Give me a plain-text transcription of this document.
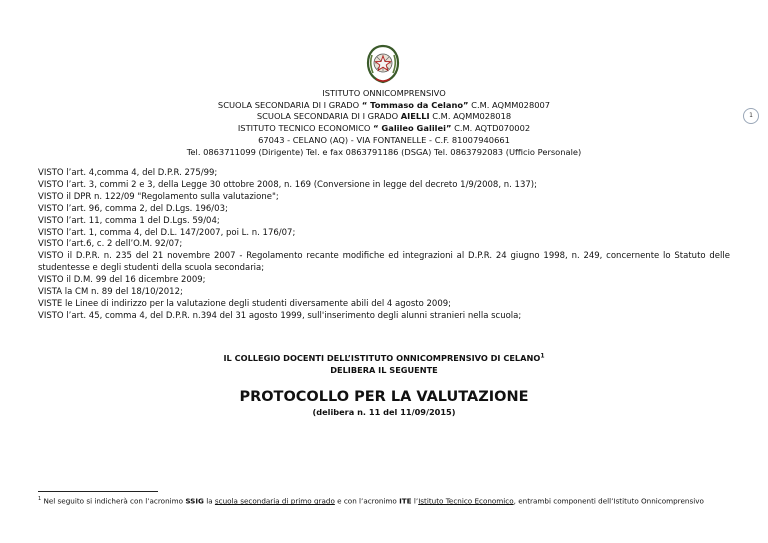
ISTITUTO ONNICOMPRENSIVO
SCUOLA SECONDARIA DI I GRADO “ Tommaso da Celano” C.M. AQMM028007
SCUOLA SECONDARIA DI I GRADO AIELLI C.M. AQMM028018
ISTITUTO TECNICO ECONOMICO “ Galileo Galilei” C.M. AQTD070002
67043 - CELANO (AQ) - VIA FONTANELLE - C.F. 81007940661
Tel. 0863711099 (Dirigente) Tel. e fax 0863791186 (DSGA) Tel. 0863792083 (Ufficio Personale)
1
VISTO l’art. 4,comma 4, del D.P.R. 275/99;
VISTO l’art. 3, commi 2 e 3, della Legge 30 ottobre 2008, n. 169 (Conversione in legge del decreto 1/9/2008, n. 137);
VISTO il DPR n. 122/09 "Regolamento sulla valutazione";
VISTO l’art. 96, comma 2, del D.Lgs. 196/03;
VISTO l’art. 11, comma 1 del D.Lgs. 59/04;
VISTO l’art. 1, comma 4, del D.L. 147/2007, poi L. n. 176/07;
VISTO l’art.6, c. 2 dell’O.M. 92/07;
VISTO il D.P.R. n. 235 del 21 novembre 2007 - Regolamento recante modifiche ed integrazioni al D.P.R. 24 giugno 1998, n. 249, concernente lo Statuto delle studentesse e degli studenti della scuola secondaria;
VISTO il D.M. 99 del 16 dicembre 2009;
VISTA la CM n. 89 del 18/10/2012;
VISTE le Linee di indirizzo per la valutazione degli studenti diversamente abili del 4 agosto 2009;
VISTO l’art. 45, comma 4, del D.P.R. n.394 del 31 agosto 1999, sull'inserimento degli alunni stranieri nella scuola;
IL COLLEGIO DOCENTI DELL’ISTITUTO ONNICOMPRENSIVO DI CELANO$^1$
DELIBERA IL SEGUENTE
PROTOCOLLO PER LA VALUTAZIONE
(delibera n. 11 del 11/09/2015)
$^1$ Nel seguito si indicherà con l’acronimo SSIG la scuola secondaria di primo grado e con l’acronimo ITE l’Istituto Tecnico Economico, entrambi componenti dell’Istituto Onnicomprensivo
